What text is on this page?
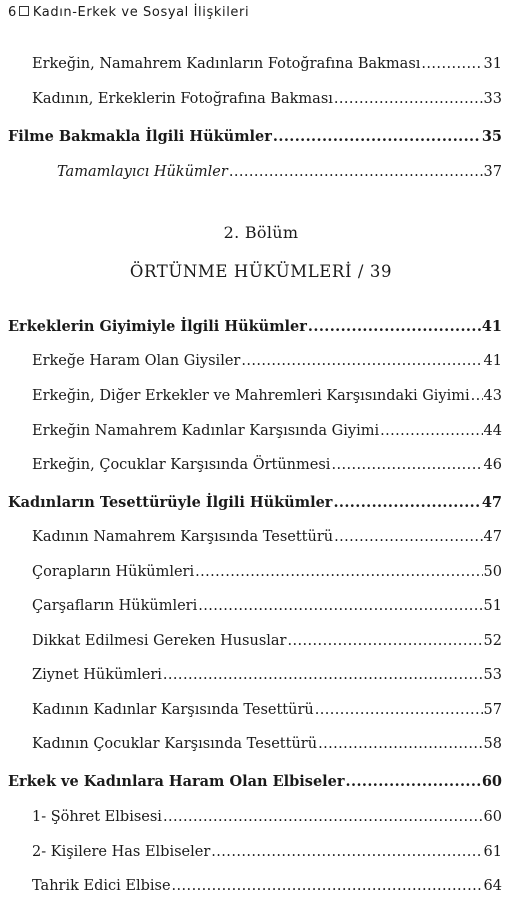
6 Kadın-Erkek ve Sosyal İlişkileri
Erkeğin, Namahrem Kadınların Fotoğrafına Bakması .....	31
Kadının, Erkeklerin Fotoğrafına Bakması .....	33
Filme Bakmakla İlgili Hükümler .....	35
Tamamlayıcı Hükümler .....	37
2. Bölüm
ÖRTÜNME HÜKÜMLERİ / 39
Erkeklerin Giyimiyle İlgili Hükümler .....	41
Erkeğe Haram Olan Giysiler .....	41
Erkeğin, Diğer Erkekler ve Mahremleri Karşısındaki Giyimi ..... 43
Erkeğin Namahrem Kadınlar Karşısında Giyimi .....	44
Erkeğin, Çocuklar Karşısında Örtünmesi .....	46
Kadınların Tesettürüyle İlgili Hükümler .....	47
Kadının Namahrem Karşısında Tesettürü .....	47
Çorapların Hükümleri .....	50
Çarşafların Hükümleri .....	51
Dikkat Edilmesi Gereken Hususlar .....	52
Ziynet Hükümleri .....	53
Kadının Kadınlar Karşısında Tesettürü .....	57
Kadının Çocuklar Karşısında Tesettürü .....	58
Erkek ve Kadınlara Haram Olan Elbiseler .....	60
1- Şöhret Elbisesi .....	60
2- Kişilere Has Elbiseler .....	61
Tahrik Edici Elbise .....	64
